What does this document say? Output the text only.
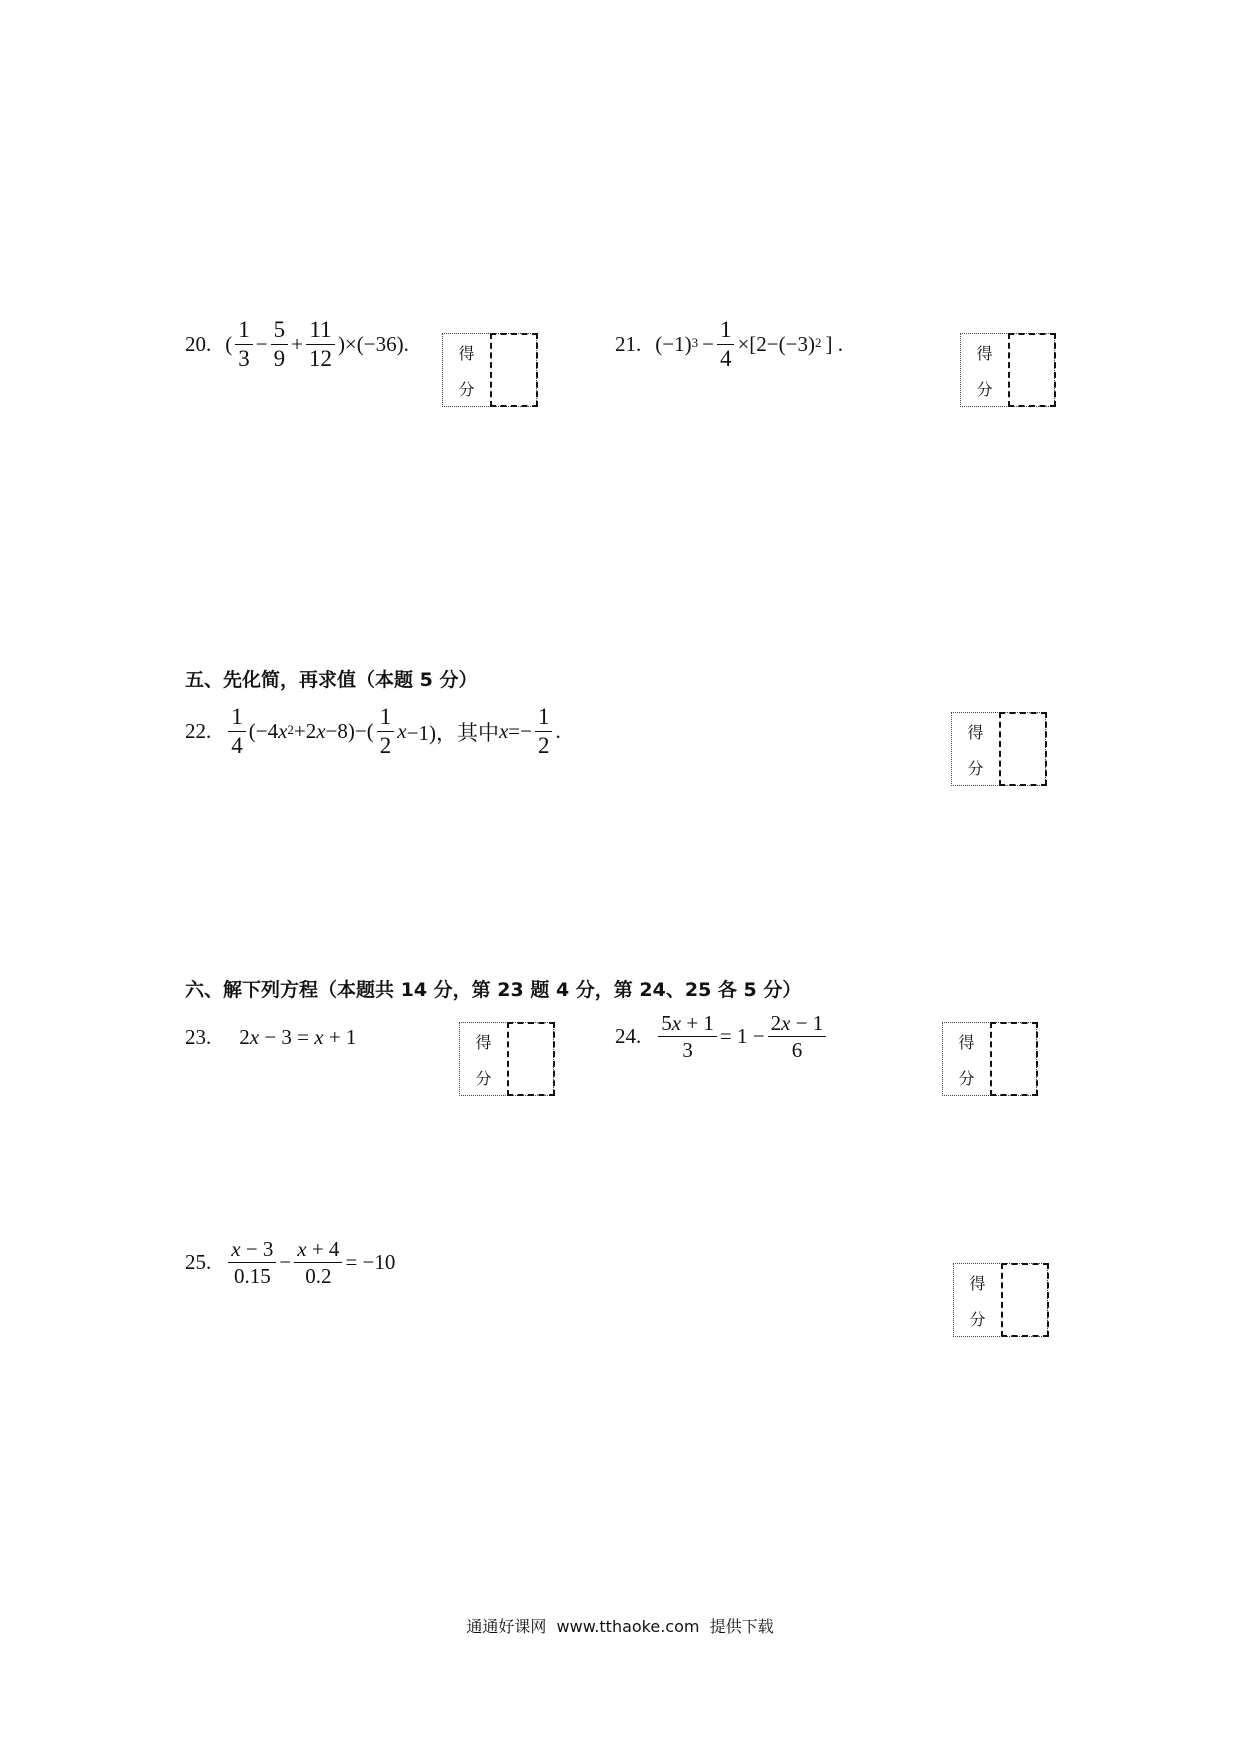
20. ( $\frac{1}{3} - \frac{5}{9} + \frac{11}{12} )\times(-36)$.	得
分
21. (−1) $3 - \frac{1}{4} \times[2-(-3)$ 2 ] .	得
分
五、先化简，再求值（本题 5 分）
22. $\frac{1}{4} (-4$ x 2 +2 $x -8)-( \frac{1}{2}$ x −1)，其中 $x =- \frac{1}{2}$ .	得
分
六、解下列方程（本题共 14 分，第 23 题 4 分，第 24、25 各 5 分）
23. 2 x − 3 = x + 1	得
分
24. $\frac{5x + 1}{3} = 1 - \frac{2x - 1}{6}$	得
分
25. $\frac{x - 3}{0.15} - \frac{x + 4}{0.2} = -10$
得
分
通通好课网  www.tthaoke.com  提供下载
